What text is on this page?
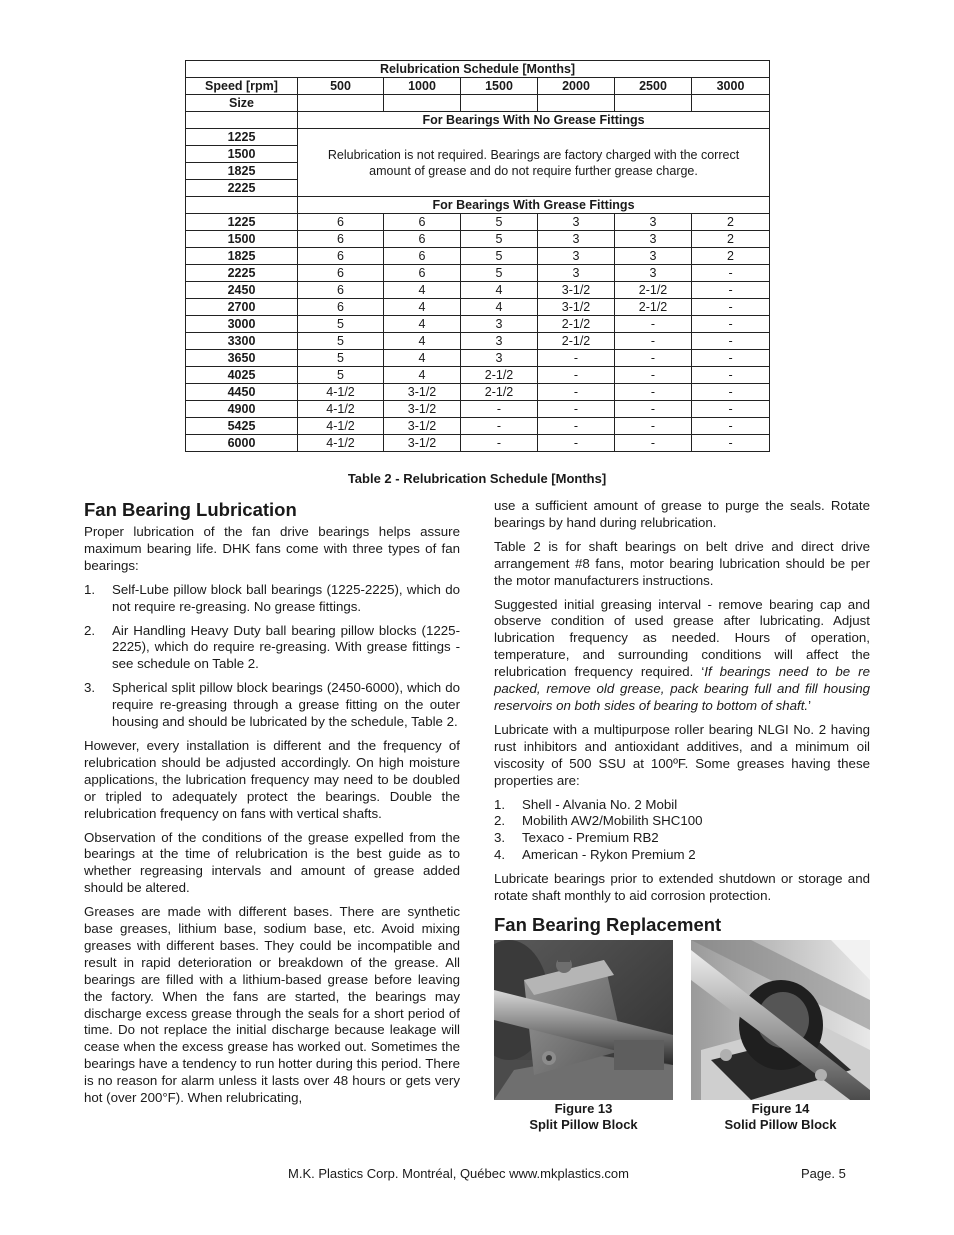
Relubrication Schedule [Months]						
Speed [rpm]	500	1000	1500	2000	2500	3000
Size						
	For Bearings With No Grease Fittings					
1225	Relubrication is not required. Bearings are factory charged with the correct amount of grease and do not require further grease charge.					
1500						
1825						
2225						
	For Bearings With Grease Fittings					
1225	6	6	5	3	3	2
1500	6	6	5	3	3	2
1825	6	6	5	3	3	2
2225	6	6	5	3	3	-
2450	6	4	4	3-1/2	2-1/2	-
2700	6	4	4	3-1/2	2-1/2	-
3000	5	4	3	2-1/2	-	-
3300	5	4	3	2-1/2	-	-
3650	5	4	3	-	-	-
4025	5	4	2-1/2	-	-	-
4450	4-1/2	3-1/2	2-1/2	-	-	-
4900	4-1/2	3-1/2	-	-	-	-
5425	4-1/2	3-1/2	-	-	-	-
6000	4-1/2	3-1/2	-	-	-	-
Table 2 - Relubrication Schedule [Months]
Fan Bearing Lubrication

Proper lubrication of the fan drive bearings helps assure maximum bearing life. DHK fans come with three types of fan bearings:

1. Self-Lube pillow block ball bearings (1225-2225), which do not require re-greasing. No grease fittings.
2. Air Handling Heavy Duty ball bearing pillow blocks (1225-2225), which do require re-greasing. With grease fittings - see schedule on Table 2.
3. Spherical split pillow block bearings (2450-6000), which do require re-greasing through a grease fitting on the outer housing and should be lubricated by the schedule, Table 2.

However, every installation is different and the frequency of relubrication should be adjusted accordingly. On high moisture applications, the lubrication frequency may need to be doubled or tripled to adequately protect the bearings. Double the relubrication frequency on fans with vertical shafts.

Observation of the conditions of the grease expelled from the bearings at the time of relubrication is the best guide as to whether regreasing intervals and amount of grease added should be altered.

Greases are made with different bases. There are synthetic base greases, lithium base, sodium base, etc. Avoid mixing greases with different bases. They could be incompatible and result in rapid deterioration or breakdown of the grease. All bearings are filled with a lithium-based grease before leaving the factory. When the fans are started, the bearings may discharge excess grease through the seals for a short period of time. Do not replace the initial discharge because leakage will cease when the excess grease has worked out. Sometimes the bearings have a tendency to run hotter during this period. There is no reason for alarm unless it lasts over 48 hours or gets very hot (over 200°F). When relubricating,

use a sufficient amount of grease to purge the seals. Rotate bearings by hand during relubrication.

Table 2 is for shaft bearings on belt drive and direct drive arrangement #8 fans, motor bearing lubrication should be per the motor manufacturers instructions.

Suggested initial greasing interval - remove bearing cap and observe condition of used grease after lubricating. Adjust lubrication frequency as needed. Hours of operation, temperature, and surrounding conditions will affect the relubrication frequency required. ‘If bearings need to be re packed, remove old grease, pack bearing full and fill housing reservoirs on both sides of bearing to bottom of shaft.’

Lubricate with a multipurpose roller bearing NLGI No. 2 having rust inhibitors and antioxidant additives, and a minimum oil viscosity of 500 SSU at 100ºF. Some greases having these properties are:

1. Shell - Alvania No. 2 Mobil
2. Mobilith AW2/Mobilith SHC100
3. Texaco - Premium RB2
4. American - Rykon Premium 2

Lubricate bearings prior to extended shutdown or storage and rotate shaft monthly to aid corrosion protection.

Fan Bearing Replacement
Figure 13
Split Pillow Block
Figure 14
Solid Pillow Block
M.K. Plastics Corp. Montréal, Québec www.mkplastics.com	Page. 5
